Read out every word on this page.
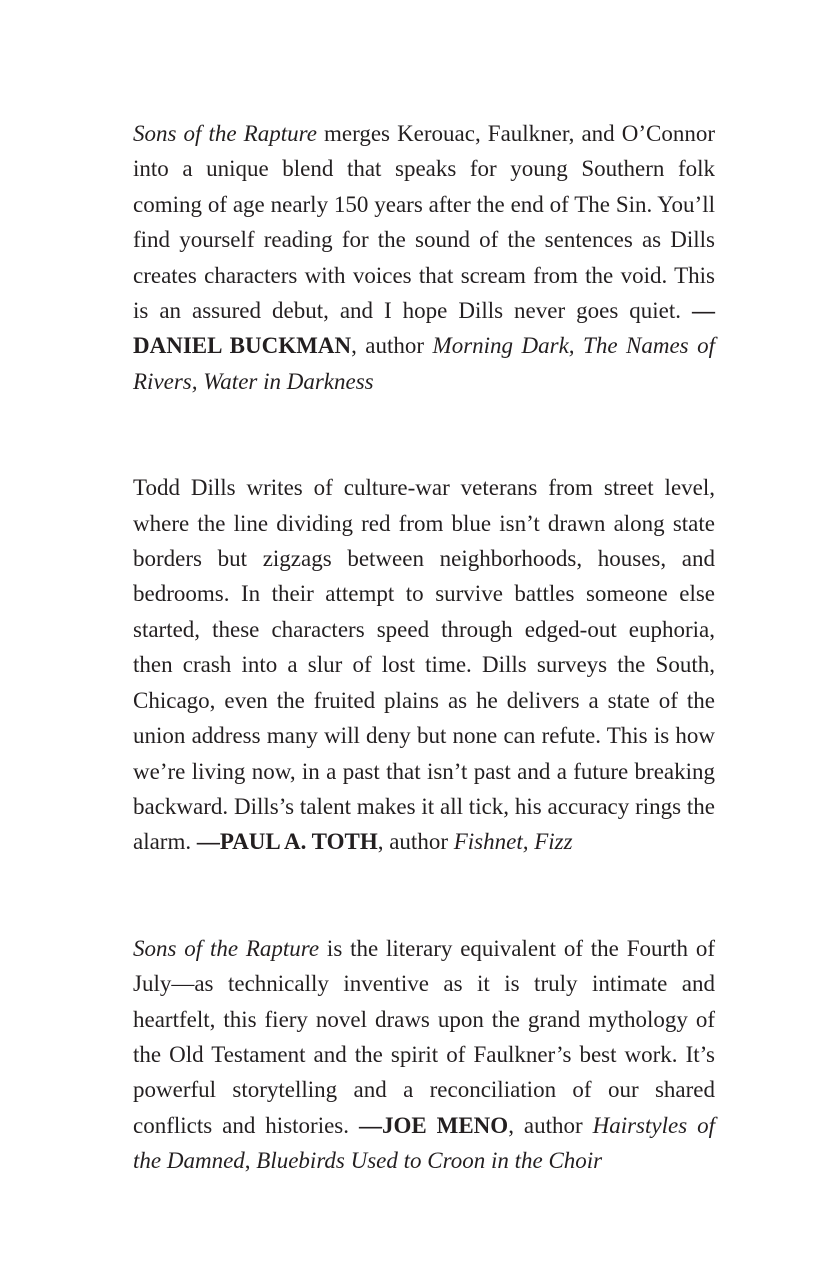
Sons of the Rapture merges Kerouac, Faulkner, and O’Connor into a unique blend that speaks for young Southern folk coming of age nearly 150 years after the end of The Sin. You’ll find yourself reading for the sound of the sentences as Dills creates characters with voices that scream from the void. This is an assured debut, and I hope Dills never goes quiet. —DANIEL BUCKMAN, author Morning Dark, The Names of Rivers, Water in Darkness

Todd Dills writes of culture-war veterans from street level, where the line dividing red from blue isn’t drawn along state borders but zigzags between neighborhoods, houses, and bedrooms. In their attempt to survive battles someone else started, these characters speed through edged-out euphoria, then crash into a slur of lost time. Dills surveys the South, Chicago, even the fruited plains as he delivers a state of the union address many will deny but none can refute. This is how we’re living now, in a past that isn’t past and a future breaking backward. Dills’s talent makes it all tick, his accuracy rings the alarm. —PAUL A. TOTH, author Fishnet, Fizz

Sons of the Rapture is the literary equivalent of the Fourth of July—as technically inventive as it is truly intimate and heartfelt, this fiery novel draws upon the grand mythology of the Old Testament and the spirit of Faulkner’s best work. It’s powerful storytelling and a reconciliation of our shared conflicts and histories. —JOE MENO, author Hairstyles of the Damned, Bluebirds Used to Croon in the Choir
